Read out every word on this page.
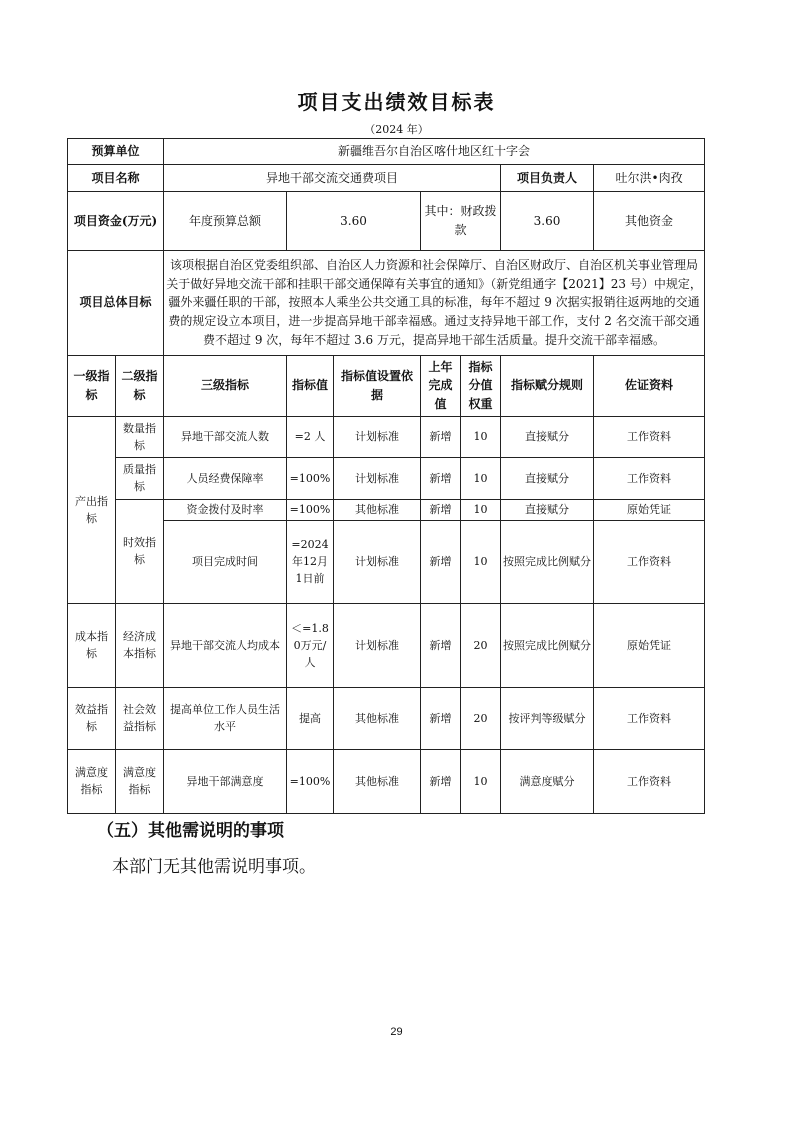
项目支出绩效目标表
（2024 年）
预算单位		新疆维吾尔自治区喀什地区红十字会							
项目名称		异地干部交流交通费项目					项目负责人	吐尔洪•肉孜	
项目资金(万元)		年度预算总额	3.60		其中：财政拨款		3.60	其他资金	
项目总体目标		该项根据自治区党委组织部、自治区人力资源和社会保障厅、自治区财政厅、自治区机关事业管理局关于做好异地交流干部和挂职干部交通保障有关事宜的通知》（新党组通字【2021】23 号）中规定，疆外来疆任职的干部，按照本人乘坐公共交通工具的标准，每年不超过 9 次据实报销往返两地的交通费的规定设立本项目，进一步提高异地干部幸福感。通过支持异地干部工作，支付 2 名交流干部交通费不超过 9 次，每年不超过 3.6 万元，提高异地干部生活质量。提升交流干部幸福感。							
一级指标	二级指标	三级指标	指标值	指标值设置依据	上年完成值	指标分值权重	指标赋分规则	佐证资料	
产出指标	数量指标	异地干部交流人数	=2 人	计划标准	新增	10	直接赋分	工作资料	
	质量指标	人员经费保障率	=100%	计划标准	新增	10	直接赋分	工作资料	
	时效指标	资金拨付及时率	=100%	其他标准	新增	10	直接赋分	原始凭证	
		项目完成时间	=2024年12月1日前	计划标准	新增	10	按照完成比例赋分	工作资料	
成本指标	经济成本指标	异地干部交流人均成本	＜=1.80万元/人	计划标准	新增	20	按照完成比例赋分	原始凭证	
效益指标	社会效益指标	提高单位工作人员生活水平	提高	其他标准	新增	20	按评判等级赋分	工作资料	
满意度指标	满意度指标	异地干部满意度	=100%	其他标准	新增	10	满意度赋分	工作资料	
（五）其他需说明的事项
本部门无其他需说明事项。
29
